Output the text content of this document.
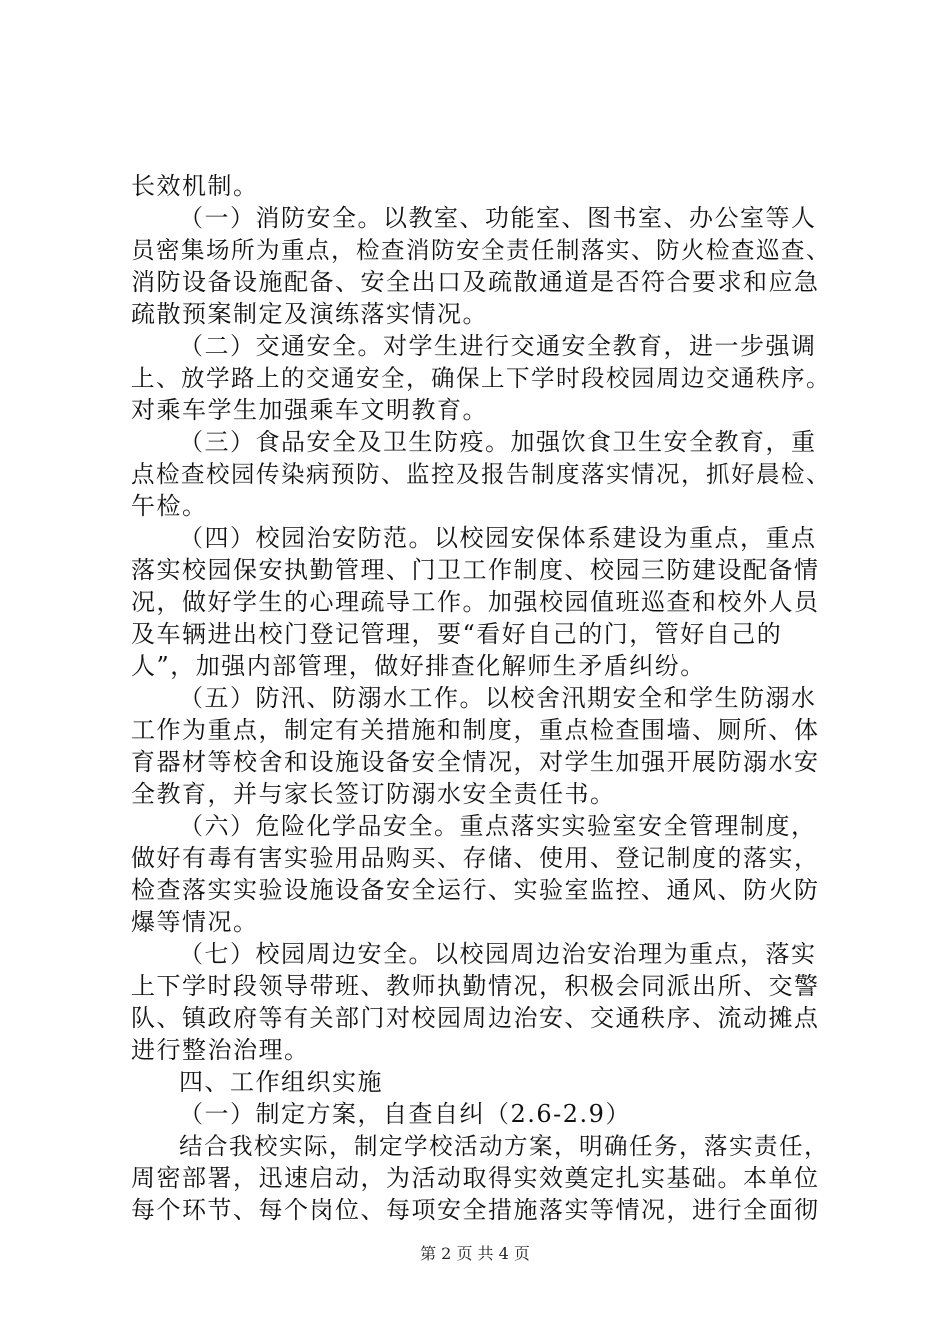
长效机制。
（一）消防安全。以教室、功能室、图书室、办公室等人
员密集场所为重点，检查消防安全责任制落实、防火检查巡查、
消防设备设施配备、安全出口及疏散通道是否符合要求和应急
疏散预案制定及演练落实情况。
（二）交通安全。对学生进行交通安全教育，进一步强调
上、放学路上的交通安全，确保上下学时段校园周边交通秩序。
对乘车学生加强乘车文明教育。
（三）食品安全及卫生防疫。加强饮食卫生安全教育，重
点检查校园传染病预防、监控及报告制度落实情况，抓好晨检、
午检。
（四）校园治安防范。以校园安保体系建设为重点，重点
落实校园保安执勤管理、门卫工作制度、校园三防建设配备情
况，做好学生的心理疏导工作。加强校园值班巡查和校外人员
及车辆进出校门登记管理，要“看好自己的门，管好自己的
人”，加强内部管理，做好排查化解师生矛盾纠纷。
（五）防汛、防溺水工作。以校舍汛期安全和学生防溺水
工作为重点，制定有关措施和制度，重点检查围墙、厕所、体
育器材等校舍和设施设备安全情况，对学生加强开展防溺水安
全教育，并与家长签订防溺水安全责任书。
（六）危险化学品安全。重点落实实验室安全管理制度，
做好有毒有害实验用品购买、存储、使用、登记制度的落实，
检查落实实验设施设备安全运行、实验室监控、通风、防火防
爆等情况。
（七）校园周边安全。以校园周边治安治理为重点，落实
上下学时段领导带班、教师执勤情况，积极会同派出所、交警
队、镇政府等有关部门对校园周边治安、交通秩序、流动摊点
进行整治治理。
四、工作组织实施
（一）制定方案，自查自纠（2.6-2.9）
结合我校实际，制定学校活动方案，明确任务，落实责任，
周密部署，迅速启动，为活动取得实效奠定扎实基础。本单位
每个环节、每个岗位、每项安全措施落实等情况，进行全面彻
第 2 页 共 4 页
